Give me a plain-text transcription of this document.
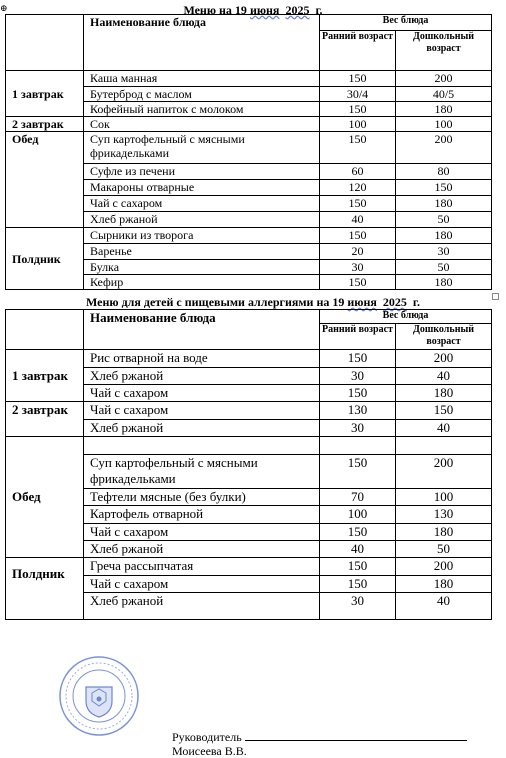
⊕	Меню на 19 июня 2025  г.
	Наименование блюда	Вес блюда	
		Ранний возраст	Дошкольный возраст
1 завтрак	Каша манная	150	200
	Бутерброд с маслом	30/4	40/5
	Кофейный напиток с молоком	150	180
2 завтрак	Сок	100	100
Обед	Суп картофельный с мясными фрикадельками	150	200
	Суфле из печени	60	80
	Макароны отварные	120	150
	Чай с сахаром	150	180
	Хлеб ржаной	40	50
Полдник	Сырники из творога	150	180
	Варенье	20	30
	Булка	30	50
	Кефир	150	180
Меню для детей с пищевыми аллергиями на 19 июня 2025  г.
	Наименование блюда	Вес блюда	
		Ранний возраст	Дошкольный возраст
1 завтрак	Рис отварной на воде	150	200
	Хлеб ржаной	30	40
	Чай с сахаром	150	180
2 завтрак	Чай с сахаром	130	150
	Хлеб ржаной	30	40
Обед			
	Суп картофельный с мясными фрикадельками	150	200
	Тефтели мясные (без булки)	70	100
	Картофель отварной	100	130
	Чай с сахаром	150	180
	Хлеб ржаной	40	50
Полдник	Греча рассыпчатая	150	200
	Чай с сахаром	150	180
	Хлеб ржаной	30	40
Руководитель  Моисеева В.В.
